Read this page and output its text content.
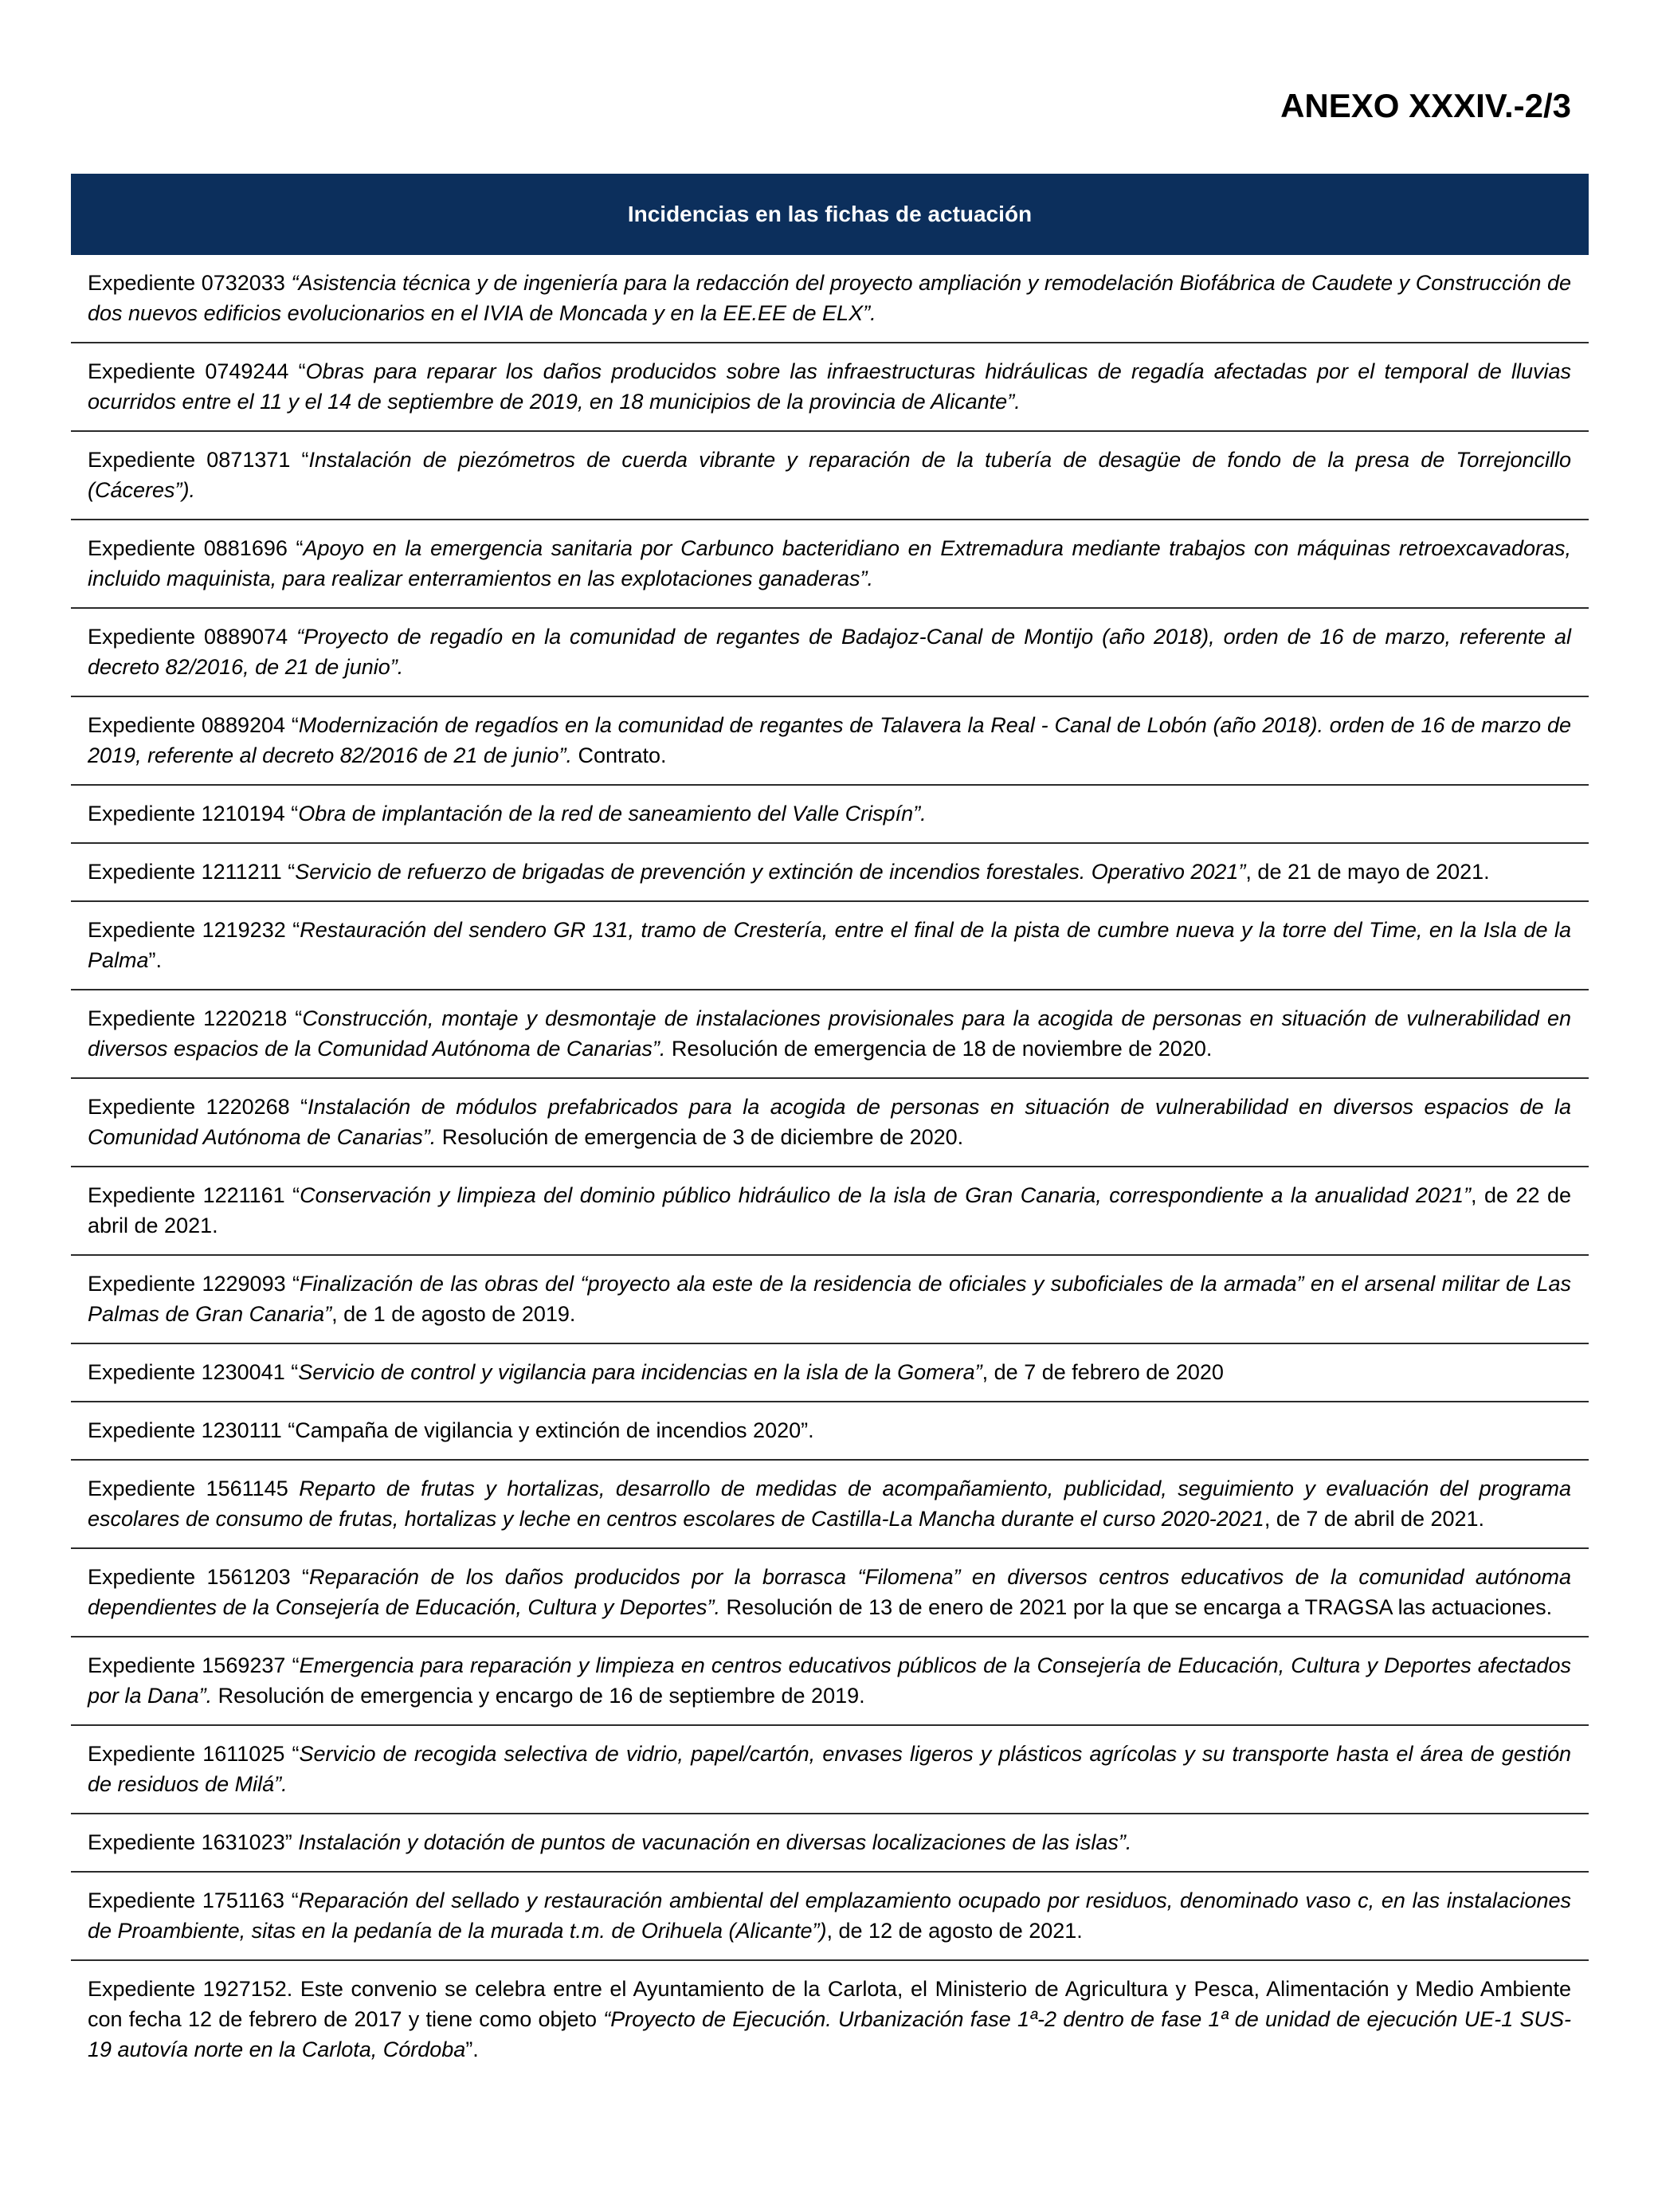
ANEXO XXXIV.-2/3
Incidencias en las fichas de actuación
Expediente 0732033 “Asistencia técnica y de ingeniería para la redacción del proyecto ampliación y remodelación Biofábrica de Caudete y Construcción de dos nuevos edificios evolucionarios en el IVIA de Moncada y en la EE.EE de ELX”.
Expediente 0749244 “Obras para reparar los daños producidos sobre las infraestructuras hidráulicas de regadía afectadas por el temporal de lluvias ocurridos entre el 11 y el 14 de septiembre de 2019, en 18 municipios de la provincia de Alicante”.
Expediente 0871371 “Instalación de piezómetros de cuerda vibrante y reparación de la tubería de desagüe de fondo de la presa de Torrejoncillo (Cáceres”).
Expediente 0881696 “Apoyo en la emergencia sanitaria por Carbunco bacteridiano en Extremadura mediante trabajos con máquinas retroexcavadoras, incluido maquinista, para realizar enterramientos en las explotaciones ganaderas”.
Expediente 0889074 “Proyecto de regadío en la comunidad de regantes de Badajoz-Canal de Montijo (año 2018), orden de 16 de marzo, referente al decreto 82/2016, de 21 de junio”.
Expediente 0889204 “Modernización de regadíos en la comunidad de regantes de Talavera la Real - Canal de Lobón (año 2018). orden de 16 de marzo de 2019, referente al decreto 82/2016 de 21 de junio”. Contrato.
Expediente 1210194 “Obra de implantación de la red de saneamiento del Valle Crispín”.
Expediente 1211211 “Servicio de refuerzo de brigadas de prevención y extinción de incendios forestales. Operativo 2021”, de 21 de mayo de 2021.
Expediente 1219232 “Restauración del sendero GR 131, tramo de Crestería, entre el final de la pista de cumbre nueva y la torre del Time, en la Isla de la Palma”.
Expediente 1220218 “Construcción, montaje y desmontaje de instalaciones provisionales para la acogida de personas en situación de vulnerabilidad en diversos espacios de la Comunidad Autónoma de Canarias”. Resolución de emergencia de 18 de noviembre de 2020.
Expediente 1220268 “Instalación de módulos prefabricados para la acogida de personas en situación de vulnerabilidad en diversos espacios de la Comunidad Autónoma de Canarias”. Resolución de emergencia de 3 de diciembre de 2020.
Expediente 1221161 “Conservación y limpieza del dominio público hidráulico de la isla de Gran Canaria, correspondiente a la anualidad 2021”, de 22 de abril de 2021.
Expediente 1229093 “Finalización de las obras del “proyecto ala este de la residencia de oficiales y suboficiales de la armada” en el arsenal militar de Las Palmas de Gran Canaria”, de 1 de agosto de 2019.
Expediente 1230041 “Servicio de control y vigilancia para incidencias en la isla de la Gomera”, de 7 de febrero de 2020
Expediente 1230111 “Campaña de vigilancia y extinción de incendios 2020”.
Expediente 1561145 Reparto de frutas y hortalizas, desarrollo de medidas de acompañamiento, publicidad, seguimiento y evaluación del programa escolares de consumo de frutas, hortalizas y leche en centros escolares de Castilla-La Mancha durante el curso 2020-2021, de 7 de abril de 2021.
Expediente 1561203 “Reparación de los daños producidos por la borrasca “Filomena” en diversos centros educativos de la comunidad autónoma dependientes de la Consejería de Educación, Cultura y Deportes”. Resolución de 13 de enero de 2021 por la que se encarga a TRAGSA las actuaciones.
Expediente 1569237 “Emergencia para reparación y limpieza en centros educativos públicos de la Consejería de Educación, Cultura y Deportes afectados por la Dana”. Resolución de emergencia y encargo de 16 de septiembre de 2019.
Expediente 1611025 “Servicio de recogida selectiva de vidrio, papel/cartón, envases ligeros y plásticos agrícolas y su transporte hasta el área de gestión de residuos de Milá”.
Expediente 1631023” Instalación y dotación de puntos de vacunación en diversas localizaciones de las islas”.
Expediente 1751163 “Reparación del sellado y restauración ambiental del emplazamiento ocupado por residuos, denominado vaso c, en las instalaciones de Proambiente, sitas en la pedanía de la murada t.m. de Orihuela (Alicante”), de 12 de agosto de 2021.
Expediente 1927152. Este convenio se celebra entre el Ayuntamiento de la Carlota, el Ministerio de Agricultura y Pesca, Alimentación y Medio Ambiente con fecha 12 de febrero de 2017 y tiene como objeto “Proyecto de Ejecución. Urbanización fase 1ª-2 dentro de fase 1ª de unidad de ejecución UE-1 SUS-19 autovía norte en la Carlota, Córdoba”.
